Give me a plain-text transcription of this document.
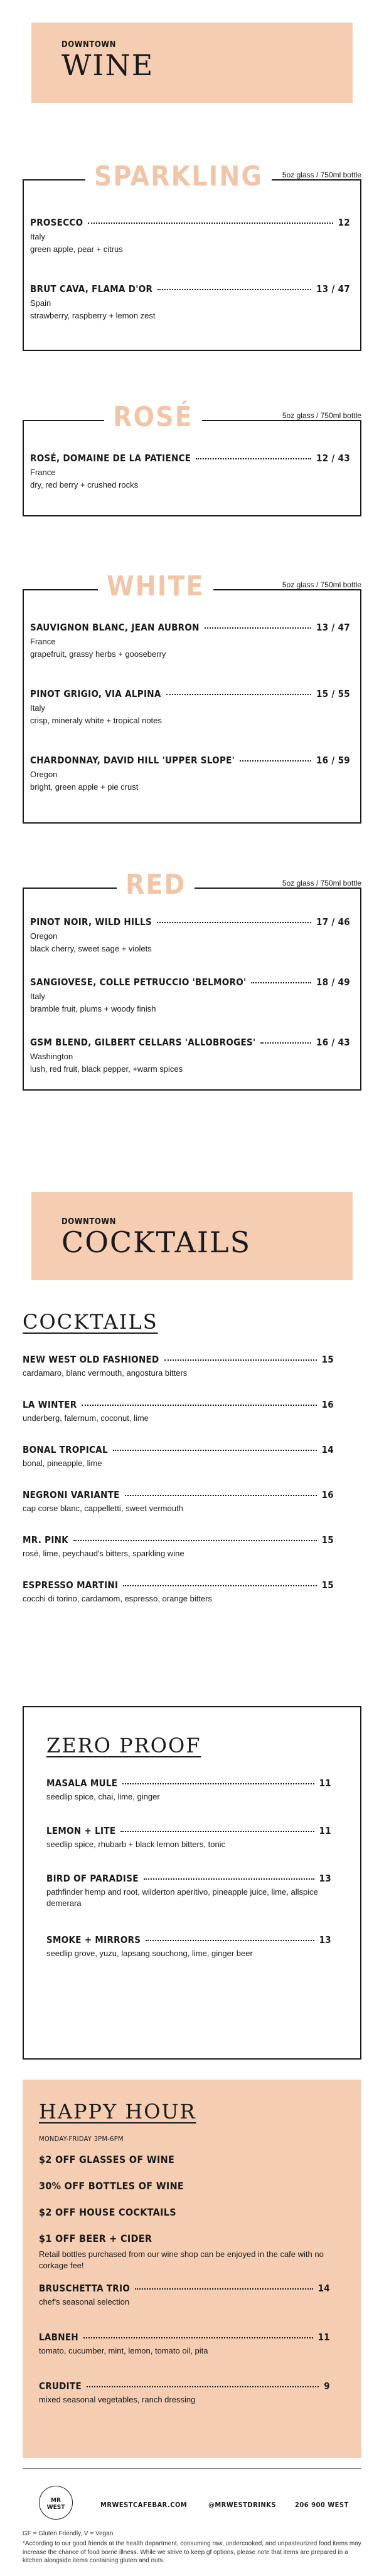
DOWNTOWN
WINE
SPARKLING	5oz glass / 750ml bottle
PROSECCO	12
Italy
green apple, pear + citrus
BRUT CAVA, FLAMA D'OR	13 / 47
Spain
strawberry, raspberry + lemon zest
ROSÉ	5oz glass / 750ml bottle
ROSÉ, DOMAINE DE LA PATIENCE	12 / 43
France
dry, red berry + crushed rocks
WHITE	5oz glass / 750ml bottle
SAUVIGNON BLANC, JEAN AUBRON	13 / 47
France
grapefruit, grassy herbs + gooseberry
PINOT GRIGIO, VIA ALPINA	15 / 55
Italy
crisp, mineraly white + tropical notes
CHARDONNAY, DAVID HILL 'UPPER SLOPE'	16 / 59
Oregon
bright, green apple + pie crust
RED	5oz glass / 750ml bottle
PINOT NOIR, WILD HILLS	17 / 46
Oregon
black cherry, sweet sage + violets
SANGIOVESE, COLLE PETRUCCIO 'BELMORO'	18 / 49
Italy
bramble fruit, plums + woody finish
GSM BLEND, GILBERT CELLARS 'ALLOBROGES'	16 / 43
Washington
lush, red fruit, black pepper, +warm spices
DOWNTOWN
COCKTAILS
COCKTAILS
NEW WEST OLD FASHIONED	15
cardamaro, blanc vermouth, angostura bitters
LA WINTER	16
underberg, falernum, coconut, lime
BONAL TROPICAL	14
bonal, pineapple, lime
NEGRONI VARIANTE	16
cap corse blanc, cappelletti, sweet vermouth
MR. PINK	15
rosé, lime, peychaud's bitters, sparkling wine
ESPRESSO MARTINI	15
cocchi di torino, cardamom, espresso, orange bitters
ZERO PROOF
MASALA MULE	11
seedlip spice, chai, lime, ginger
LEMON + LITE	11
seedlip spice, rhubarb + black lemon bitters, tonic
BIRD OF PARADISE	13
pathfinder hemp and root, wilderton aperitivo, pineapple juice, lime, allspice demerara
SMOKE + MIRRORS	13
seedlip grove, yuzu, lapsang souchong, lime, ginger beer
HAPPY HOUR
MONDAY-FRIDAY 3PM-6PM
$2 OFF GLASSES OF WINE
30% OFF BOTTLES OF WINE
$2 OFF HOUSE COCKTAILS
$1 OFF BEER + CIDER
Retail bottles purchased from our wine shop can be enjoyed in the cafe with no corkage fee!
BRUSCHETTA TRIO	14
chef's seasonal selection
LABNEH	11
tomato, cucumber, mint, lemon, tomato oil, pita
CRUDITE	9
mixed seasonal vegetables, ranch dressing
MR
WEST	MRWESTCAFEBAR.COM	@MRWESTDRINKS	206 900 WEST
GF = Gluten Friendly, V = Vegan
*According to our good friends at the health department, consuming raw, undercooked, and unpasteurized food items may increase the chance of food borne illness. While we strive to keep gf options, please note that items are prepared in a kitchen alongside items containing gluten and nuts.
